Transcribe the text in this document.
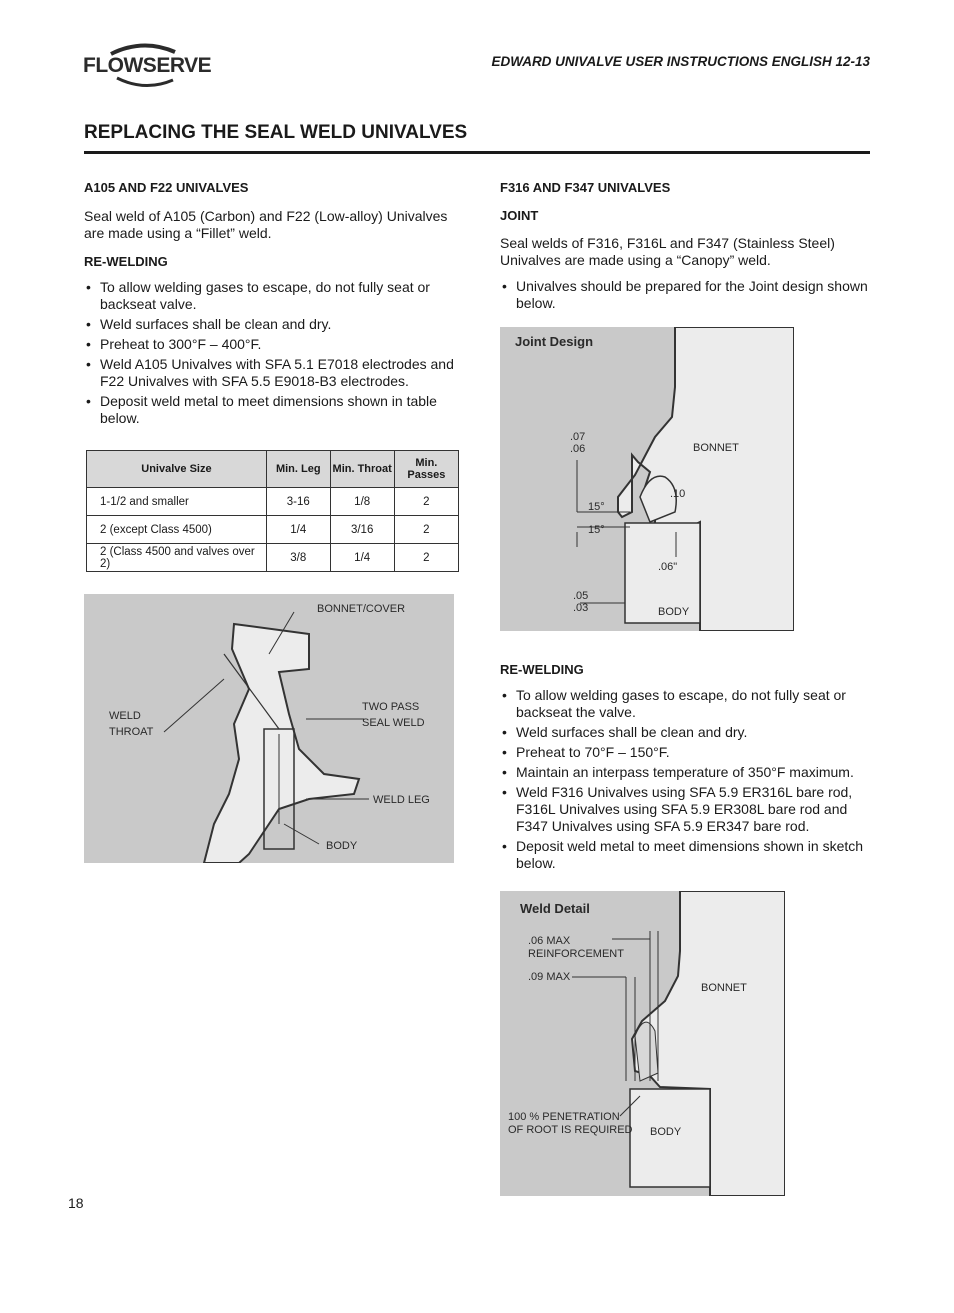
FLOWSERVE	EDWARD UNIVALVE USER INSTRUCTIONS ENGLISH 12-13
REPLACING THE SEAL WELD UNIVALVES
A105 AND F22 UNIVALVES
Seal weld of A105 (Carbon) and F22 (Low-alloy) Univalves are made using a “Fillet” weld.
RE-WELDING
• To allow welding gases to escape, do not fully seat or backseat valve.
• Weld surfaces shall be clean and dry.
• Preheat to 300°F – 400°F.
• Weld A105 Univalves with SFA 5.1 E7018 electrodes and F22 Univalves with SFA 5.5 E9018-B3 electrodes.
• Deposit weld metal to meet dimensions shown in table below.
Univalve Size	Min. Leg	Min. Throat	Min. Passes
1-1/2 and smaller	3-16	1/8	2
2 (except Class 4500)	1/4	3/16	2
2 (Class 4500 and valves over 2)	3/8	1/4	2
BONNET/COVER
WELD
THROAT
TWO PASS
SEAL WELD
WELD LEG
BODY
F316 AND F347 UNIVALVES
JOINT
Seal welds of F316, F316L and F347 (Stainless Steel) Univalves are made using a “Canopy” weld.
• Univalves should be prepared for the Joint design shown below.
Joint Design
BONNET
.07
.06
.10
15°
15°
.06"
.05
.03	BODY
RE-WELDING
• To allow welding gases to escape, do not fully seat or backseat the valve.
• Weld surfaces shall be clean and dry.
• Preheat to 70°F – 150°F.
• Maintain an interpass temperature of 350°F maximum.
• Weld F316 Univalves using SFA 5.9 ER316L bare rod, F316L Univalves using SFA 5.9 ER308L bare rod and F347 Univalves using SFA 5.9 ER347 bare rod.
• Deposit weld metal to meet dimensions shown in sketch below.
Weld Detail
.06 MAX
REINFORCEMENT
.09 MAX
BONNET
100 % PENETRATION
OF ROOT IS REQUIRED BODY
18
